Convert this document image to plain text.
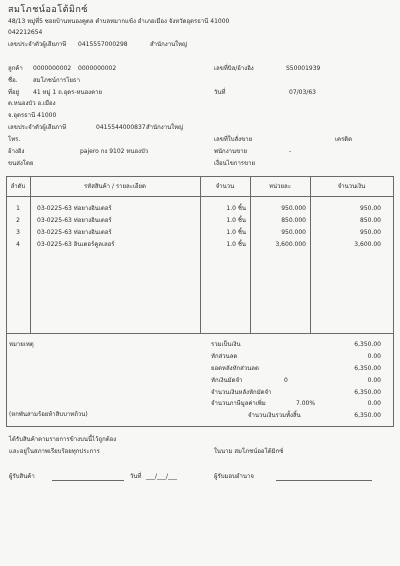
สมโภชน์ออโต้มิกซ์
48/13 หมู่ที่5 ซอยบ้านหนองคูตล ตำบลหมากแข้ง อำเภอเมือง จังหวัดอุดรธานี 41000
042212654
เลขประจำตัวผู้เสียภาษี 0415557000298	สำนักงานใหญ่
ลูกค้า 0000000002 0000000002
ชื่อ.	สมโภชน์การโยธา
ที่อยู่ 41 หมู่ 1 ถ.อุดร-หนองคาย
ต.หนองบัว อ.เมือง
จ.อุดรธานี 41000
เลขประจำตัวผู้เสียภาษี	0415544000837 สำนักงานใหญ่
โทร.
อ้างอิง	pajero กง 9102 หนองบัว
ขนส่งโดย
เลขที่บิล/อ้างอิง	S50001939
วันที่	07/03/63
เลขที่ใบสั่งขาย	เครดิต
พนักงานขาย	-
เงื่อนไขการขาย
ลำดับ	รหัสสินค้า / รายละเอียด	จำนวน	หน่วยละ	จำนวนเงิน
1	03-0225-63 ท่อยางอินเตอร์	1.0 ชิ้น	950.000	950.00
2	03-0225-63 ท่อยางอินเตอร์	1.0 ชิ้น	850.000	850.00
3	03-0225-63 ท่อยางอินเตอร์	1.0 ชิ้น	950.000	950.00
4	03-0225-63 อินเตอร์คูลเลอร์	1.0 ชิ้น	3,600.000	3,600.00
หมายเหตุ
(หกพันสามร้อยห้าสิบบาทถ้วน)
รวมเป็นเงิน	6,350.00
หักส่วนลด	0.00
ยอดหลังหักส่วนลด	6,350.00
หักเงินมัดจำ	0	0.00
จำนวนเงินหลังหักมัดจำ	6,350.00
จำนวนภาษีมูลค่าเพิ่ม	7.00%	0.00
จำนวนเงินรวมทั้งสิ้น	6,350.00
ได้รับสินค้าตามรายการข้างบนนี้ไว้ถูกต้อง
และอยู่ในสภาพเรียบร้อยทุกประการ	ในนาม สมโภชน์ออโต้มิกซ์
ผู้รับสินค้า	วันที่ ___/___/___	ผู้รับมอบอำนาจ
